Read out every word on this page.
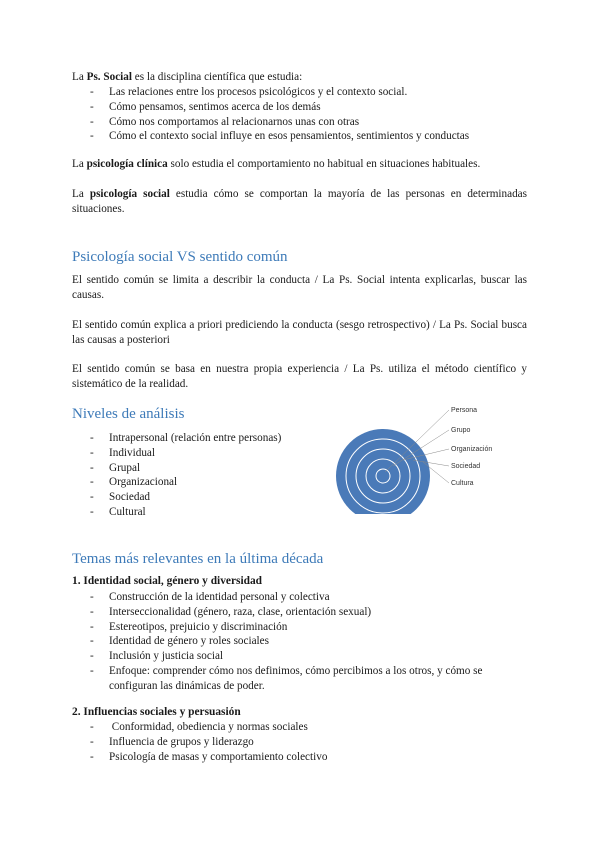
La Ps. Social es la disciplina científica que estudia:
- Las relaciones entre los procesos psicológicos y el contexto social.
- Cómo pensamos, sentimos acerca de los demás
- Cómo nos comportamos al relacionarnos unas con otras
- Cómo el contexto social influye en esos pensamientos, sentimientos y conductas
La psicología clínica solo estudia el comportamiento no habitual en situaciones habituales.
La psicología social estudia cómo se comportan la mayoría de las personas en determinadas situaciones.
Psicología social VS sentido común
El sentido común se limita a describir la conducta / La Ps. Social intenta explicarlas, buscar las causas.
El sentido común explica a priori prediciendo la conducta (sesgo retrospectivo) / La Ps. Social busca las causas a posteriori
El sentido común se basa en nuestra propia experiencia / La Ps. utiliza el método científico y sistemático de la realidad.
Niveles de análisis
- Intrapersonal (relación entre personas)
- Individual
- Grupal
- Organizacional
- Sociedad
- Cultural
Persona
Grupo
Organización
Sociedad
Cultura
Temas más relevantes en la última década
1. Identidad social, género y diversidad
- Construcción de la identidad personal y colectiva
- Interseccionalidad (género, raza, clase, orientación sexual)
- Estereotipos, prejuicio y discriminación
- Identidad de género y roles sociales
- Inclusión y justicia social
- Enfoque: comprender cómo nos definimos, cómo percibimos a los otros, y cómo se configuran las dinámicas de poder.
2. Influencias sociales y persuasión
- Conformidad, obediencia y normas sociales
- Influencia de grupos y liderazgo
- Psicología de masas y comportamiento colectivo
